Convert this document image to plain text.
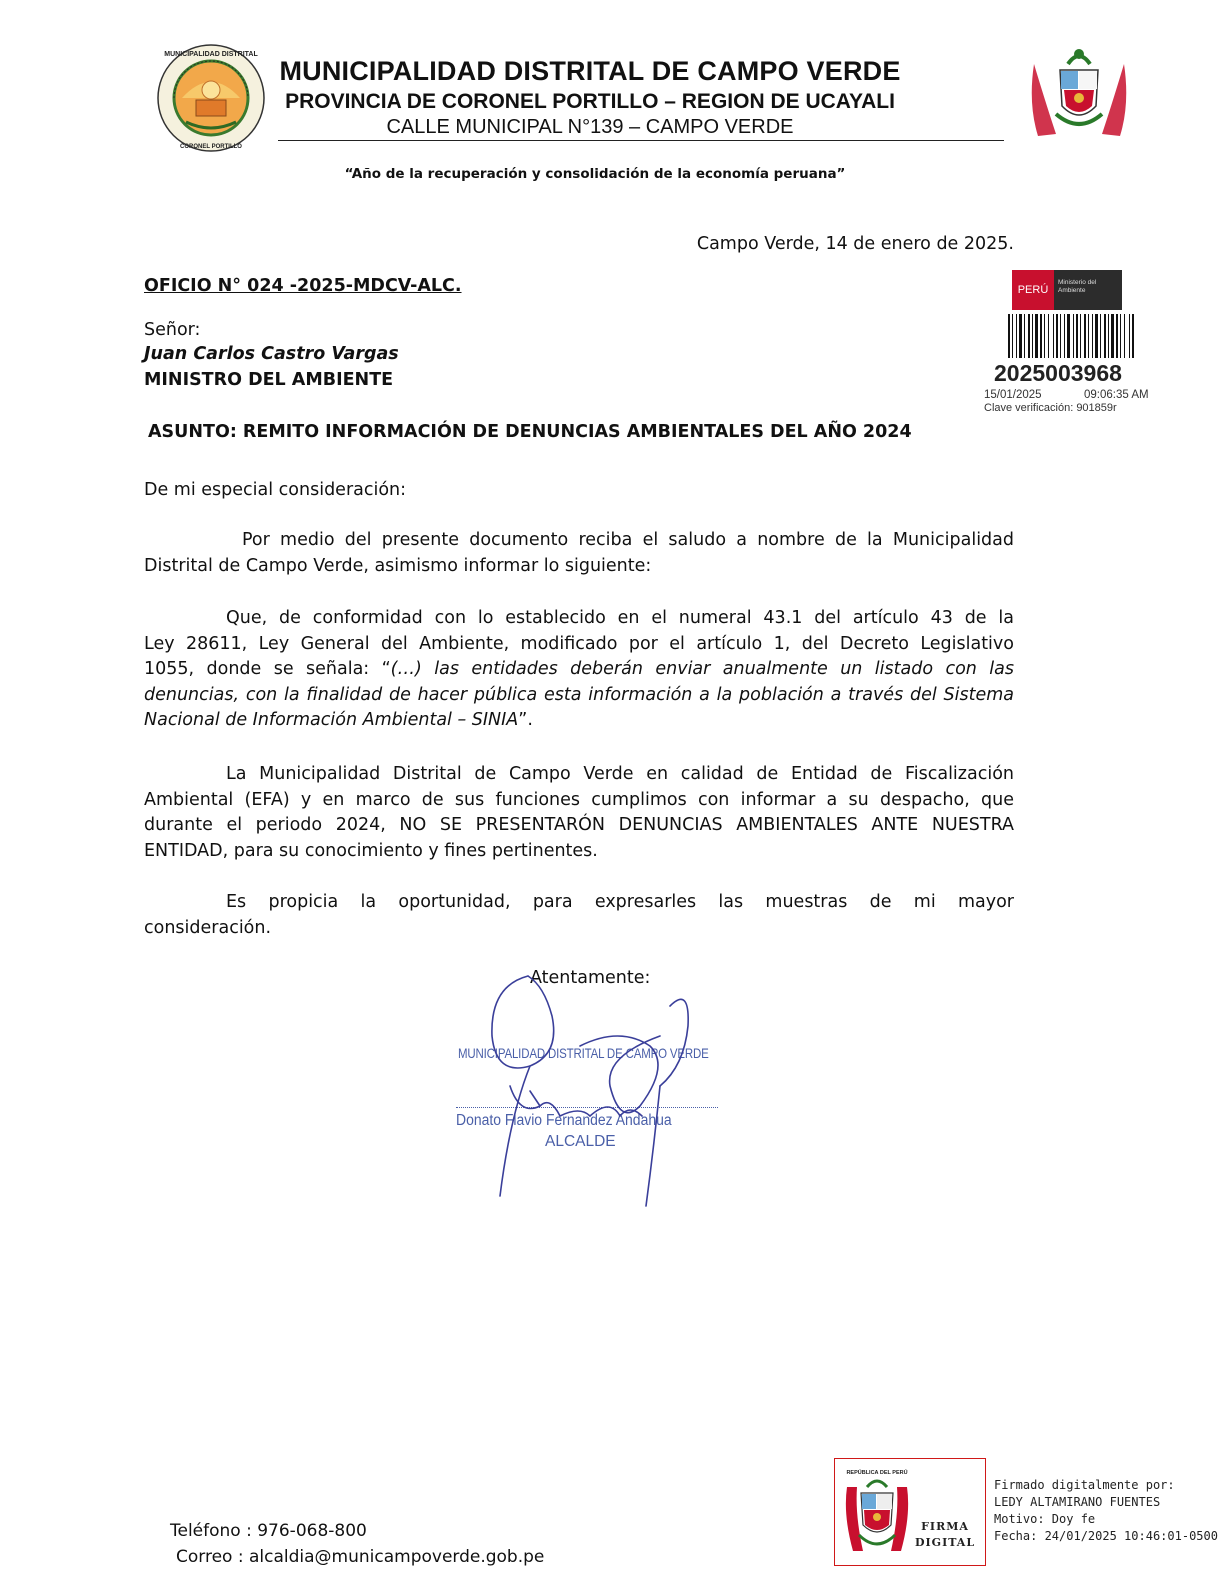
MUNICIPALIDAD DISTRITAL
CORONEL PORTILLO
MUNICIPALIDAD DISTRITAL DE CAMPO VERDE
PROVINCIA DE CORONEL PORTILLO – REGION DE UCAYALI
CALLE MUNICIPAL N°139 – CAMPO VERDE
“Año de la recuperación y consolidación de la economía peruana”
Campo Verde, 14 de enero de 2025.
OFICIO N° 024 -2025-MDCV-ALC.	PERÚ
Ministerio del Ambiente
2025003968
15/01/2025	09:06:35 AM
Clave verificación: 901859r
Señor:
Juan Carlos Castro Vargas
MINISTRO DEL AMBIENTE
ASUNTO: REMITO INFORMACIÓN DE DENUNCIAS AMBIENTALES DEL AÑO 2024
De mi especial consideración:
Por medio del presente documento reciba el saludo a nombre de la Municipalidad
Distrital de Campo Verde, asimismo informar lo siguiente:
Que, de conformidad con lo establecido en el numeral 43.1 del artículo 43 de la
Ley 28611, Ley General del Ambiente, modificado por el artículo 1, del Decreto Legislativo
1055, donde se señala: “(…) las entidades deberán enviar anualmente un listado con las
denuncias, con la finalidad de hacer pública esta información a la población a través del Sistema
Nacional de Información Ambiental – SINIA”.
La Municipalidad Distrital de Campo Verde en calidad de Entidad de Fiscalización
Ambiental (EFA) y en marco de sus funciones cumplimos con informar a su despacho, que
durante el periodo 2024, NO SE PRESENTARÓN DENUNCIAS AMBIENTALES ANTE NUESTRA
ENTIDAD, para su conocimiento y fines pertinentes.
Es propicia la oportunidad, para expresarles las muestras de mi mayor
consideración.
Atentamente:
MUNICIPALIDAD DISTRITAL DE CAMPO VERDE
Donato Flavio Fernandez Andahua
ALCALDE
Teléfono : 976-068-800
Correo : alcaldia@municampoverde.gob.pe
REPÚBLICA DEL PERÚ
FIRMA
DIGITAL
Firmado digitalmente por:
LEDY ALTAMIRANO FUENTES
Motivo: Doy fe
Fecha: 24/01/2025 10:46:01-0500
